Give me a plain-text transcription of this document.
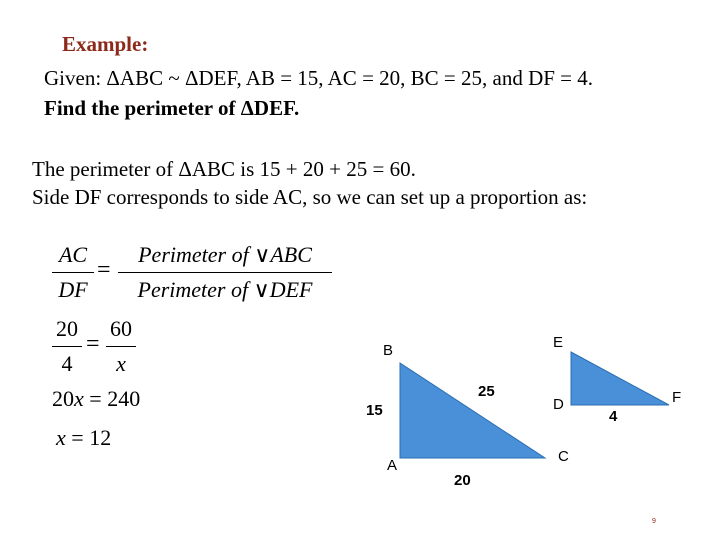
Example:
Given: ΔABC ~ ΔDEF, AB = 15, AC = 20, BC = 25, and DF = 4.
Find the perimeter of ΔDEF.
The perimeter of ΔABC is 15 + 20 + 25 = 60.
Side DF corresponds to side AC, so we can set up a proportion as:
AC
DF
=
Perimeter of ∨ABC
Perimeter of ∨DEF
20
4
=
60
x
20x = 240
x = 12
B
A
C
15
20
25
E
D	F
4
9
